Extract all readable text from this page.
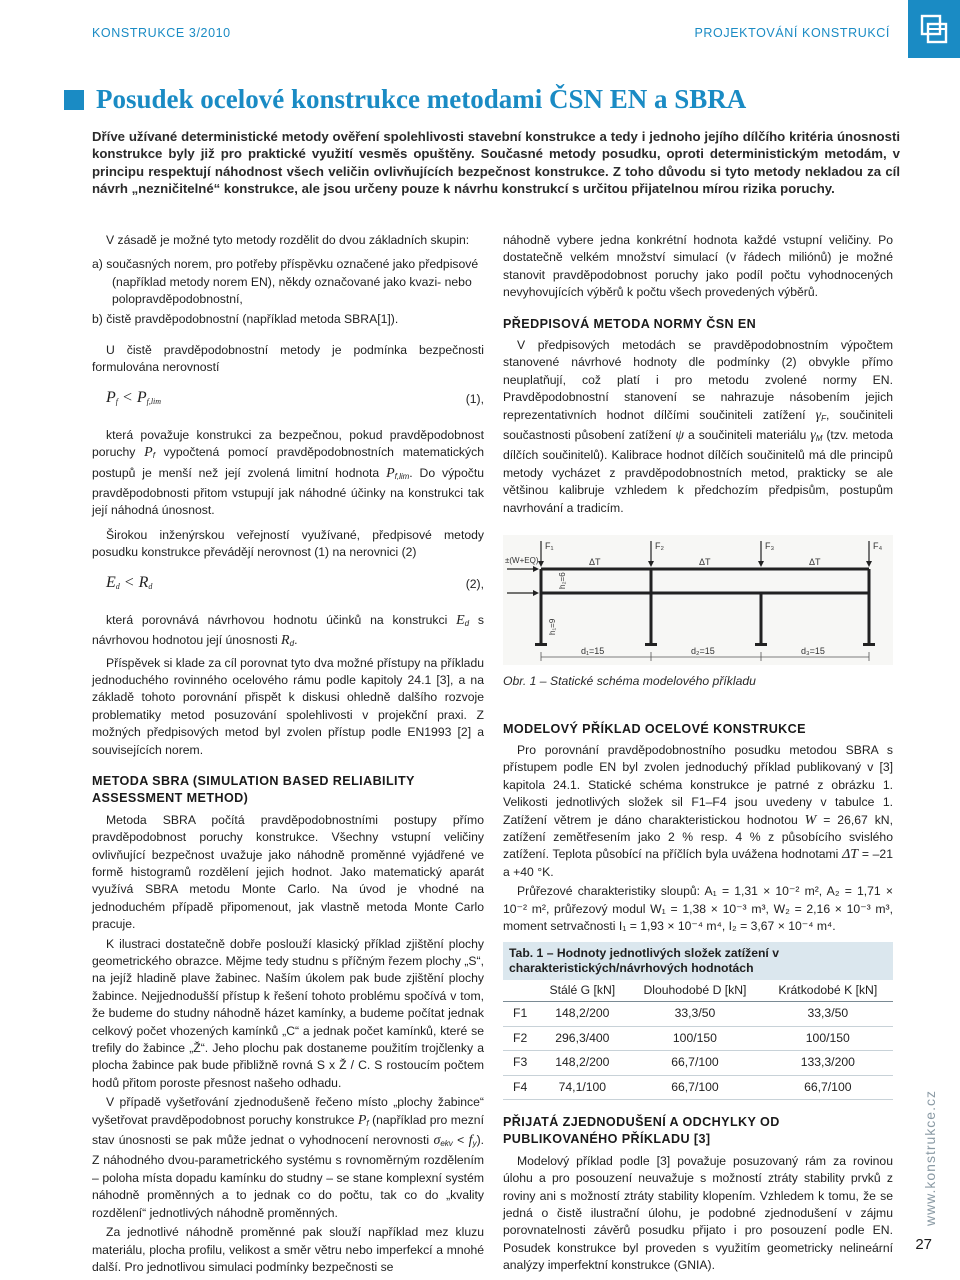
KONSTRUKCE 3/2010	PROJEKTOVÁNÍ KONSTRUKCÍ
Posudek ocelové konstrukce metodami ČSN EN a SBRA
Dříve užívané deterministické metody ověření spolehlivosti stavební konstrukce a tedy i jednoho jejího dílčího kritéria únosnosti konstrukce byly již pro praktické využití vesměs opuštěny. Současné metody posudku, oproti deterministickým metodám, v principu respektují náhodnost všech veličin ovlivňujících bezpečnost konstrukce. Z toho důvodu si tyto metody nekladou za cíl návrh „nezničitelné“ konstrukce, ale jsou určeny pouze k návrhu konstrukcí s určitou přijatelnou mírou rizika poruchy.

V zásadě je možné tyto metody rozdělit do dvou základních skupin:

a) současných norem, pro potřeby příspěvku označené jako předpisové (například metody norem EN), někdy označované jako kvazi- nebo polopravděpodobnostní,

b) čistě pravděpodobnostní (například metoda SBRA[1]).

U čistě pravděpodobnostní metody je podmínka bezpečnosti formulována nerovností

$P_f < P_{f,lim}$	(1),

která považuje konstrukci za bezpečnou, pokud pravděpodobnost poruchy $P_f$ vypočtená pomocí pravděpodobnostních matematických postupů je menší než její zvolená limitní hodnota $P_{f,lim}$. Do výpočtu pravděpodobnosti přitom vstupují jak náhodné účinky na konstrukci tak její náhodná únosnost.

Širokou inženýrskou veřejností využívané, předpisové metody posudku konstrukce převádějí nerovnost (1) na nerovnici (2)

$E_d < R_d$	(2),

která porovnává návrhovou hodnotu účinků na konstrukci $E_d$ s návrhovou hodnotou její únosnosti $R_d$.

Příspěvek si klade za cíl porovnat tyto dva možné přístupy na příkladu jednoduchého rovinného ocelového rámu podle kapitoly 24.1 [3], a na základě tohoto porovnání přispět k diskusi ohledně dalšího rozvoje problematiky metod posuzování spolehlivosti v projekční praxi. Z možných předpisových metod byl zvolen přístup podle EN1993 [2] a souvisejících norem.

METODA SBRA (SIMULATION BASED RELIABILITY ASSESSMENT METHOD)

Metoda SBRA počítá pravděpodobnostními postupy přímo pravděpodobnost poruchy konstrukce. Všechny vstupní veličiny ovlivňující bezpečnost uvažuje jako náhodně proměnné vyjádřené ve formě histogramů rozdělení jejich hodnot. Jako matematický aparát využívá SBRA metodu Monte Carlo. Na úvod je vhodné na jednoduchém případě připomenout, jak vlastně metoda Monte Carlo pracuje.

K ilustraci dostatečně dobře poslouží klasický příklad zjištění plochy geometrického obrazce. Mějme tedy studnu s příčným řezem plochy „S“, na jejíž hladině plave žabinec. Naším úkolem pak bude zjištění plochy žabince. Nejjednodušší přístup k řešení tohoto problému spočívá v tom, že budeme do studny náhodně házet kamínky, a budeme počítat jednak celkový počet vhozených kamínků „C“ a jednak počet kamínků, které se trefily do žabince „Ž“. Jeho plochu pak dostaneme použitím trojčlenky a plocha žabince pak bude přibližně rovná S x Ž / C. S rostoucím počtem hodů přitom poroste přesnost našeho odhadu.

V případě vyšetřování zjednodušeně řečeno místo „plochy žabince“ vyšetřovat pravděpodobnost poruchy konstrukce $P_f$ (například pro mezní stav únosnosti se pak může jednat o vyhodnocení nerovnosti $\sigma_{ekv} < f_y$). Z náhodného dvou-parametrického systému s rovnoměrným rozdělením – poloha místa dopadu kamínku do studny – se stane komplexní systém náhodně proměnných a to jednak co do počtu, tak co do „kvality rozdělení“ jednotlivých náhodně proměnných.

Za jednotlivé náhodně proměnné pak slouží například mez kluzu materiálu, plocha profilu, velikost a směr větru nebo imperfekcí a mnohé další. Pro jednotlivou simulaci podmínky bezpečnosti se

náhodně vybere jedna konkrétní hodnota každé vstupní veličiny. Po dostatečně velkém množství simulací (v řádech miliónů) je možné stanovit pravděpodobnost poruchy jako podíl počtu vyhodnocených nevyhovujících výběrů k počtu všech provedených výběrů.

PŘEDPISOVÁ METODA NORMY ČSN EN

V předpisových metodách se pravděpodobnostním výpočtem stanovené návrhové hodnoty dle podmínky (2) obvykle přímo neuplatňují, což platí i pro metodu zvolené normy EN. Pravděpodobnostní stanovení se nahrazuje násobením jejich reprezentativních hodnot dílčími součiniteli zatížení $\gamma_F$, součiniteli součastnosti působení zatížení ψ a součiniteli materiálu $\gamma_M$ (tzv. metoda dílčích součinitelů). Kalibrace hodnot dílčích součinitelů má dle principů metody vycházet z pravděpodobnostních metod, prakticky se ale většinou kalibruje vzhledem k předchozím předpisům, postupům navrhování a tradicím.

±(W+EQ)
F₁	F₂	F₃	F₄
ΔT	ΔT	ΔT
h₁=9
h₂=6
d₁=15	d₂=15	d₃=15
Obr. 1 – Statické schéma modelového příkladu
MODELOVÝ PŘÍKLAD OCELOVÉ KONSTRUKCE

Pro porovnání pravděpodobnostního posudku metodou SBRA s přístupem podle EN byl zvolen jednoduchý příklad publikovaný v [3] kapitola 24.1. Statické schéma konstrukce je patrné z obrázku 1. Velikosti jednotlivých složek sil F1–F4 jsou uvedeny v tabulce 1. Zatížení větrem je dáno charakteristickou hodnotou W = 26,67 kN, zatížení zemětřesením jako 2 % resp. 4 % z působícího svislého zatížení. Teplota působící na příčlích byla uvážena hodnotami ΔT = –21 a +40 °K.

Průřezové charakteristiky sloupů: A₁ = 1,31 × 10⁻² m², A₂ = 1,71 × 10⁻² m², průřezový modul W₁ = 1,38 × 10⁻³ m³, W₂ = 2,16 × 10⁻³ m³, moment setrvačnosti I₁ = 1,93 × 10⁻⁴ m⁴, I₂ = 3,67 × 10⁻⁴ m⁴.

Tab. 1 – Hodnoty jednotlivých složek zatížení v charakteristických/návrhových hodnotách
	Stálé G [kN]	Dlouhodobé D [kN]	Krátkodobé K [kN]
F1	148,2/200	33,3/50	33,3/50
F2	296,3/400	100/150	100/150
F3	148,2/200	66,7/100	133,3/200
F4	74,1/100	66,7/100	66,7/100
PŘIJATÁ ZJEDNODUŠENÍ A ODCHYLKY OD PUBLIKOVANÉHO PŘÍKLADU [3]

Modelový příklad podle [3] považuje posuzovaný rám za rovinou úlohu a pro posouzení neuvažuje s možností ztráty stability prvků z roviny ani s možností ztráty stability klopením. Vzhledem k tomu, že se jedná o čistě ilustrační úlohu, je podobné zjednodušení v zájmu porovnatelnosti závěrů posudku přijato i pro posouzení podle EN. Posudek konstrukce byl proveden s využitím geometricky nelineární analýzy imperfektní konstrukce (GNIA).

www.konstrukce.cz
27
